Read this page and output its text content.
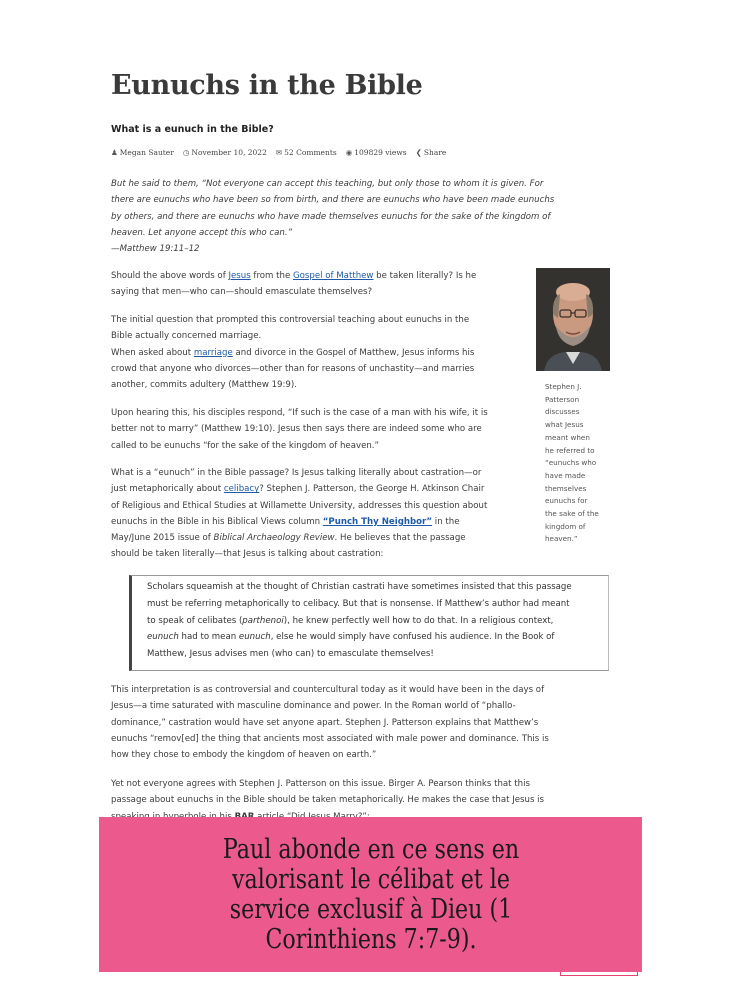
Eunuchs in the Bible
What is a eunuch in the Bible?
♟ Megan Sauter ◷ November 10, 2022 ✉ 52 Comments ◉ 109829 views ❮ Share
But he said to them, “Not everyone can accept this teaching, but only those to whom it is given. For
there are eunuchs who have been so from birth, and there are eunuchs who have been made eunuchs
by others, and there are eunuchs who have made themselves eunuchs for the sake of the kingdom of
heaven. Let anyone accept this who can.”
—Matthew 19:11–12
Should the above words of Jesus from the Gospel of Matthew be taken literally? Is he
saying that men—who can—should emasculate themselves?
The initial question that prompted this controversial teaching about eunuchs in the
Bible actually concerned marriage.
When asked about marriage and divorce in the Gospel of Matthew, Jesus informs his
crowd that anyone who divorces—other than for reasons of unchastity—and marries
another, commits adultery (Matthew 19:9).
Upon hearing this, his disciples respond, “If such is the case of a man with his wife, it is
better not to marry” (Matthew 19:10). Jesus then says there are indeed some who are
called to be eunuchs “for the sake of the kingdom of heaven.”
What is a “eunuch” in the Bible passage? Is Jesus talking literally about castration—or
just metaphorically about celibacy? Stephen J. Patterson, the George H. Atkinson Chair
of Religious and Ethical Studies at Willamette University, addresses this question about
eunuchs in the Bible in his Biblical Views column “Punch Thy Neighbor” in the
May/June 2015 issue of Biblical Archaeology Review. He believes that the passage
should be taken literally—that Jesus is talking about castration:
Stephen J.
Patterson
discusses
what Jesus
meant when
he referred to
“eunuchs who
have made
themselves
eunuchs for
the sake of the
kingdom of
heaven.”
Scholars squeamish at the thought of Christian castrati have sometimes insisted that this passage
must be referring metaphorically to celibacy. But that is nonsense. If Matthew’s author had meant
to speak of celibates (parthenoi), he knew perfectly well how to do that. In a religious context,
eunuch had to mean eunuch, else he would simply have confused his audience. In the Book of
Matthew, Jesus advises men (who can) to emasculate themselves!
This interpretation is as controversial and countercultural today as it would have been in the days of
Jesus—a time saturated with masculine dominance and power. In the Roman world of “phallo-
dominance,” castration would have set anyone apart. Stephen J. Patterson explains that Matthew’s
eunuchs “remov[ed] the thing that ancients most associated with male power and dominance. This is
how they chose to embody the kingdom of heaven on earth.”
Yet not everyone agrees with Stephen J. Patterson on this issue. Birger A. Pearson thinks that this
passage about eunuchs in the Bible should be taken metaphorically. He makes the case that Jesus is
Paul abonde en ce sens en valorisant le célibat et le service exclusif à Dieu (1 Corinthiens 7:7-9).
